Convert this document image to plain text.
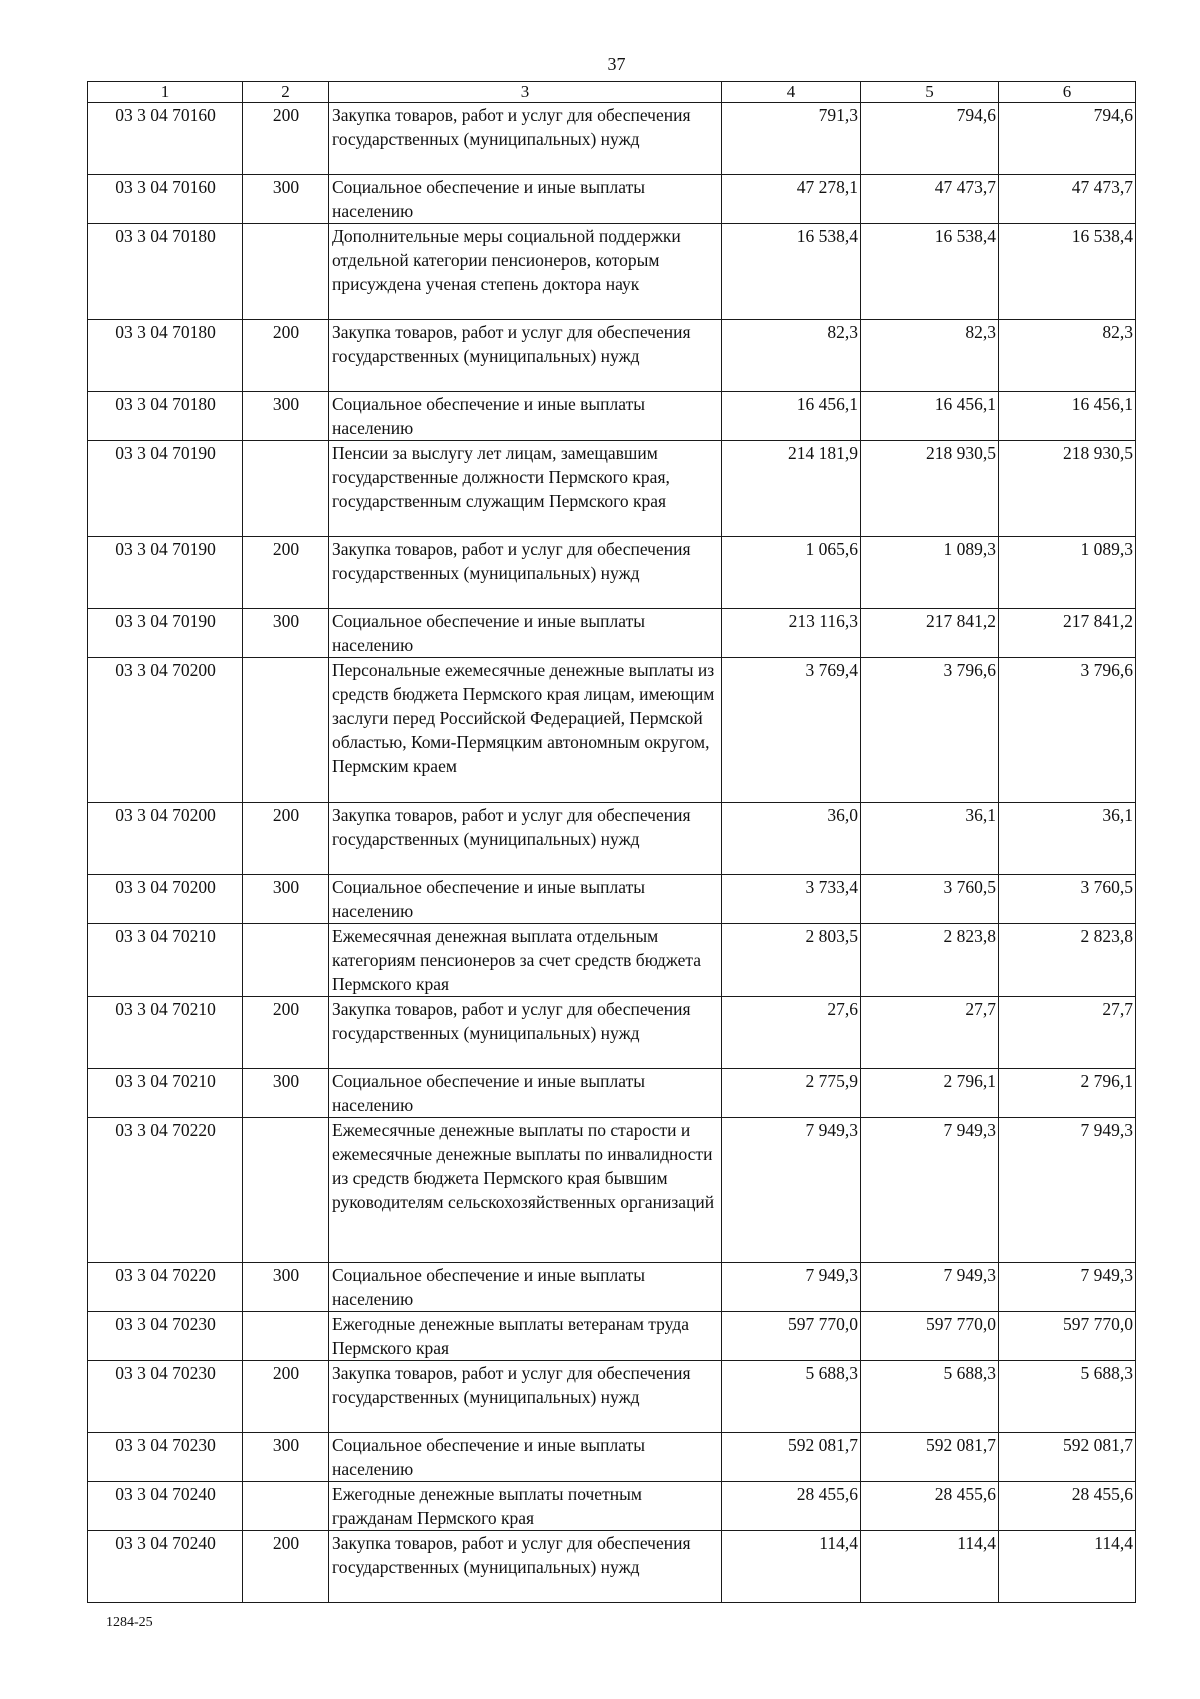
37
1	2	3	4	5	6
03 3 04 70160	200	Закупка товаров, работ и услуг для обеспечения государственных (муниципальных) нужд	791,3	794,6	794,6
03 3 04 70160	300	Социальное обеспечение и иные выплаты населению	47 278,1	47 473,7	47 473,7
03 3 04 70180		Дополнительные меры социальной поддержки отдельной категории пенсионеров, которым присуждена ученая степень доктора наук	16 538,4	16 538,4	16 538,4
03 3 04 70180	200	Закупка товаров, работ и услуг для обеспечения государственных (муниципальных) нужд	82,3	82,3	82,3
03 3 04 70180	300	Социальное обеспечение и иные выплаты населению	16 456,1	16 456,1	16 456,1
03 3 04 70190		Пенсии за выслугу лет лицам, замещавшим государственные должности Пермского края, государственным служащим Пермского края	214 181,9	218 930,5	218 930,5
03 3 04 70190	200	Закупка товаров, работ и услуг для обеспечения государственных (муниципальных) нужд	1 065,6	1 089,3	1 089,3
03 3 04 70190	300	Социальное обеспечение и иные выплаты населению	213 116,3	217 841,2	217 841,2
03 3 04 70200		Персональные ежемесячные денежные выплаты из средств бюджета Пермского края лицам, имеющим заслуги перед Российской Федерацией, Пермской областью, Коми-Пермяцким автономным округом, Пермским краем	3 769,4	3 796,6	3 796,6
03 3 04 70200	200	Закупка товаров, работ и услуг для обеспечения государственных (муниципальных) нужд	36,0	36,1	36,1
03 3 04 70200	300	Социальное обеспечение и иные выплаты населению	3 733,4	3 760,5	3 760,5
03 3 04 70210		Ежемесячная денежная выплата отдельным категориям пенсионеров за счет средств бюджета Пермского края	2 803,5	2 823,8	2 823,8
03 3 04 70210	200	Закупка товаров, работ и услуг для обеспечения государственных (муниципальных) нужд	27,6	27,7	27,7
03 3 04 70210	300	Социальное обеспечение и иные выплаты населению	2 775,9	2 796,1	2 796,1
03 3 04 70220		Ежемесячные денежные выплаты по старости и ежемесячные денежные выплаты по инвалидности из средств бюджета Пермского края бывшим руководителям сельскохозяйственных организаций	7 949,3	7 949,3	7 949,3
03 3 04 70220	300	Социальное обеспечение и иные выплаты населению	7 949,3	7 949,3	7 949,3
03 3 04 70230		Ежегодные денежные выплаты ветеранам труда Пермского края	597 770,0	597 770,0	597 770,0
03 3 04 70230	200	Закупка товаров, работ и услуг для обеспечения государственных (муниципальных) нужд	5 688,3	5 688,3	5 688,3
03 3 04 70230	300	Социальное обеспечение и иные выплаты населению	592 081,7	592 081,7	592 081,7
03 3 04 70240		Ежегодные денежные выплаты почетным гражданам Пермского края	28 455,6	28 455,6	28 455,6
03 3 04 70240	200	Закупка товаров, работ и услуг для обеспечения государственных (муниципальных) нужд	114,4	114,4	114,4
1284-25
